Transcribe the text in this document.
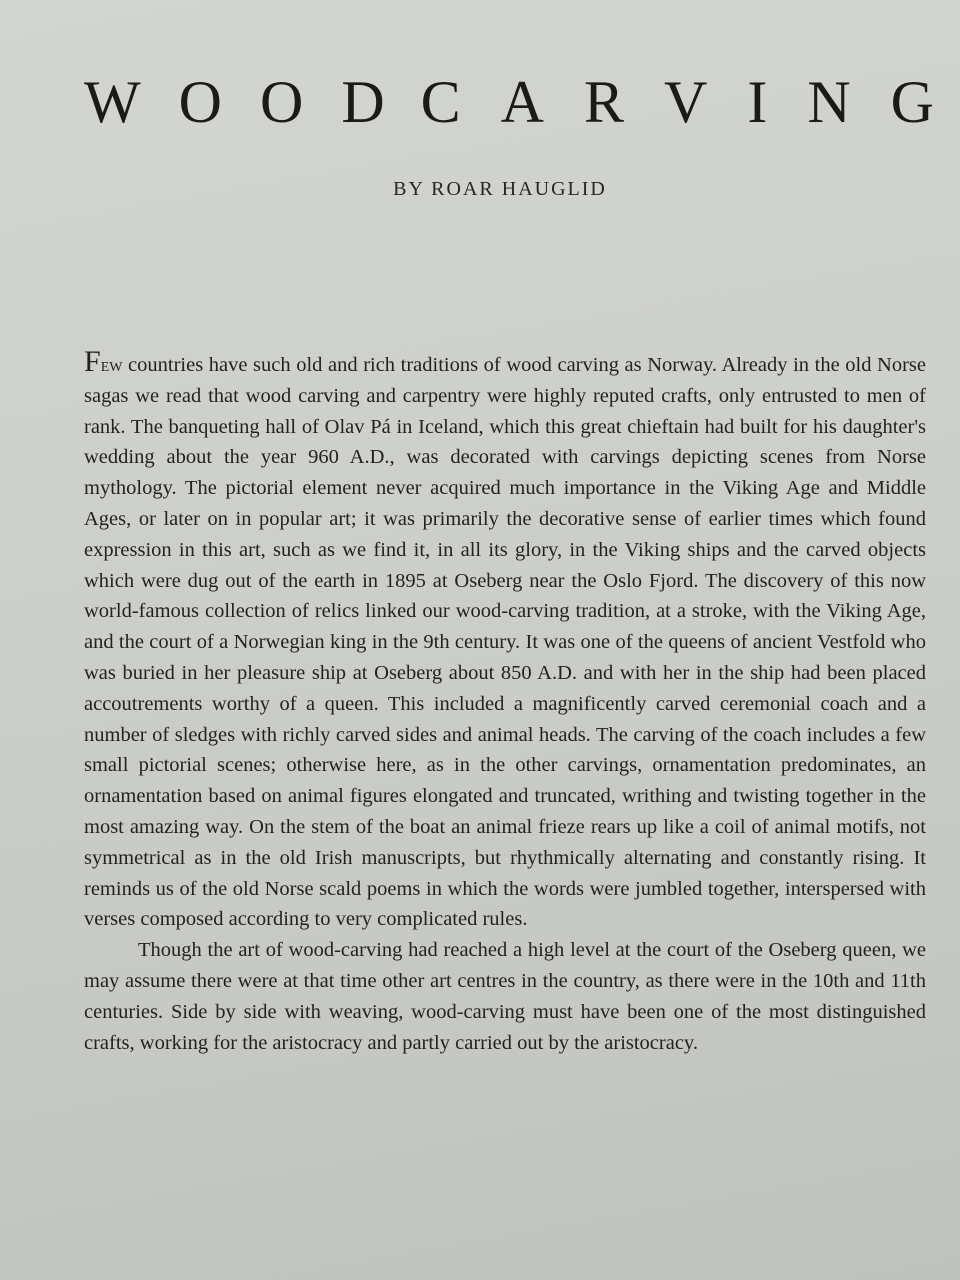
W O O D C A R V I N G
BY ROAR HAUGLID

Few countries have such old and rich traditions of wood carving as Norway. Already in the old Norse sagas we read that wood carving and carpentry were highly reputed crafts, only entrusted to men of rank. The banqueting hall of Olav Pá in Iceland, which this great chieftain had built for his daughter's wedding about the year 960 A.D., was decorated with carvings depicting scenes from Norse mythology. The pictorial element never acquired much importance in the Viking Age and Middle Ages, or later on in popular art; it was primarily the decorative sense of earlier times which found expression in this art, such as we find it, in all its glory, in the Viking ships and the carved objects which were dug out of the earth in 1895 at Oseberg near the Oslo Fjord. The discovery of this now world-famous collection of relics linked our wood-carving tradition, at a stroke, with the Viking Age, and the court of a Norwegian king in the 9th century. It was one of the queens of ancient Vestfold who was buried in her pleasure ship at Oseberg about 850 A.D. and with her in the ship had been placed accoutrements worthy of a queen. This included a magnificently carved ceremonial coach and a number of sledges with richly carved sides and animal heads. The carving of the coach includes a few small pictorial scenes; otherwise here, as in the other carvings, ornamentation predominates, an ornamentation based on animal figures elongated and truncated, writhing and twisting together in the most amazing way. On the stem of the boat an animal frieze rears up like a coil of animal motifs, not symmetrical as in the old Irish manuscripts, but rhythmically alternating and constantly rising. It reminds us of the old Norse scald poems in which the words were jumbled together, interspersed with verses composed according to very complicated rules.

Though the art of wood-carving had reached a high level at the court of the Oseberg queen, we may assume there were at that time other art centres in the country, as there were in the 10th and 11th centuries. Side by side with weaving, wood-carving must have been one of the most distinguished crafts, working for the aristocracy and partly carried out by the aristocracy.
